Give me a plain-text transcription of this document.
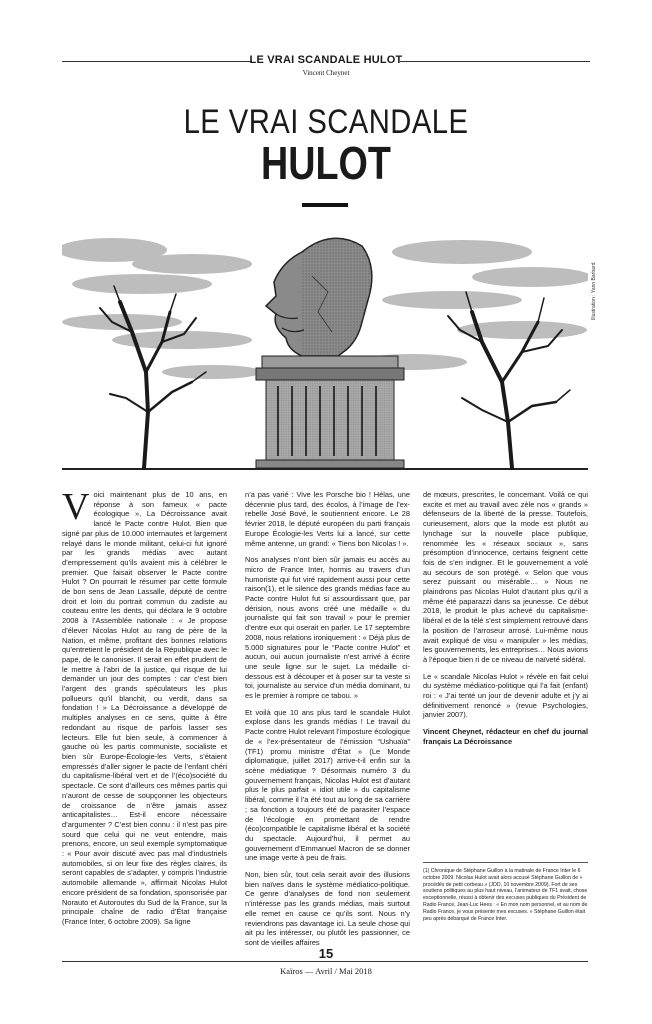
LE VRAI SCANDALE HULOT
Vincent Cheynet
LE VRAI SCANDALE
HULOT
Illustration : Yann Barbard

Voici maintenant plus de 10 ans, en réponse à son fameux « pacte écologique », La Décroissance avait lancé le Pacte contre Hulot. Bien que signé par plus de 10.000 internautes et largement relayé dans le monde militant, celui-ci fut ignoré par les grands médias avec autant d’empressement qu’ils avaient mis à célébrer le premier. Que faisait observer le Pacte contre Hulot ? On pourrait le résumer par cette formule de bon sens de Jean Lassalle, député de centre droit et loin du portrait commun du zadiste au couteau entre les dents, qui déclara le 9 octobre 2008 à l’Assemblée nationale : « Je propose d’élever Nicolas Hulot au rang de père de la Nation, et même, profitant des bonnes relations qu’entretient le président de la République avec le pape, de le canoniser. Il serait en effet prudent de le mettre à l’abri de la justice, qui risque de lui demander un jour des comptes : car c’est bien l’argent des grands spéculateurs les plus pollueurs qu’il blanchit, ou verdit, dans sa fondation ! » La Décroissance a développé de multiples analyses en ce sens, quitte à être redondant au risque de parfois lasser ses lecteurs. Elle fut bien seule, à commencer à gauche où les partis communiste, socialiste et bien sûr Europe-Écologie-les Verts, s’étaient empressés d’aller signer le pacte de l’enfant chéri du capitalisme-libéral vert et de l’(éco)société du spectacle. Ce sont d’ailleurs ces mêmes partis qui n’auront de cesse de soupçonner les objecteurs de croissance de n’être jamais assez anticapitalistes… Est-il encore nécessaire d’argumenter ? C’est bien connu : il n’est pas pire sourd que celui qui ne veut entendre, mais prenons, encore, un seul exemple symptomatique : « Pour avoir discuté avec pas mal d’industriels automobiles, si on leur fixe des règles claires, ils seront capables de s’adapter, y compris l’industrie automobile allemande », affirmait Nicolas Hulot encore président de sa fondation, sponsorisée par Norauto et Autoroutes du Sud de la France, sur la principale chaîne de radio d’État française (France Inter, 6 octobre 2009). Sa ligne

n’a pas varié : Vive les Porsche bio ! Hélas, une décennie plus tard, des écolos, à l’image de l’ex-rebelle José Bové, le soutiennent encore. Le 28 février 2018, le député européen du parti français Europe Écologie-les Verts lui a lancé, sur cette même antenne, un grand: « Tiens bon Nicolas ! ».

Nos analyses n’ont bien sûr jamais eu accès au micro de France Inter, hormis au travers d’un humoriste qui fut viré rapidement aussi pour cette raison(1), et le silence des grands médias face au Pacte contre Hulot fut si assourdissant que, par dérision, nous avons créé une médaille « du journaliste qui fait son travail » pour le premier d’entre eux qui oserait en parler. Le 17 septembre 2008, nous relations ironiquement : « Déjà plus de 5.000 signatures pour le “Pacte contre Hulot” et aucun, oui aucun journaliste n’est arrivé à écrire une seule ligne sur le sujet. La médaille ci-dessous est à découper et à poser sur ta veste si toi, journaliste au service d’un média dominant, tu es le premier à rompre ce tabou. »

Et voilà que 10 ans plus tard le scandale Hulot explose dans les grands médias ! Le travail du Pacte contre Hulot relevant l’imposture écologique de « l’ex-présentateur de l’émission “Ushuaïa” (TF1) promu ministre d’État » (Le Monde diplomatique, juillet 2017) arrive-t-il enfin sur la scène médiatique ? Désormais numéro 3 du gouvernement français, Nicolas Hulot est d’autant plus le plus parfait « idiot utile » du capitalisme libéral, comme il l’a été tout au long de sa carrière ; sa fonction a toujours été de parasiter l’espace de l’écologie en promettant de rendre (éco)compatible le capitalisme libéral et la société du spectacle. Aujourd’hui, il permet au gouvernement d’Emmanuel Macron de se donner une image verte à peu de frais.

Non, bien sûr, tout cela serait avoir des illusions bien naïves dans le système médiatico-politique. Ce genre d’analyses de fond non seulement n’intéresse pas les grands médias, mais surtout elle remet en cause ce qu’ils sont. Nous n’y reviendrons pas davantage ici. La seule chose qui ait pu les intéresser, ou plutôt les passionner, ce sont de vieilles affaires

de mœurs, prescrites, le concernant. Voilà ce qui excite et met au travail avec zèle nos « grands » défenseurs de la liberté de la presse. Toutefois, curieusement, alors que la mode est plutôt au lynchage sur la nouvelle place publique, renommée les « réseaux sociaux », sans présomption d’innocence, certains feignent cette fois de s’en indigner. Et le gouvernement a volé au secours de son protégé. « Selon que vous serez puissant ou misérable… » Nous ne plaindrons pas Nicolas Hulot d’autant plus qu’il a même été paparazzi dans sa jeunesse. Ce début 2018, le produit le plus achevé du capitalisme-libéral et de la télé s’est simplement retrouvé dans la position de l’arroseur arrosé. Lui-même nous avait expliqué de visu « manipuler » les médias, les gouvernements, les entreprises… Nous avions à l’époque bien ri de ce niveau de naïveté sidéral.

Le « scandale Nicolas Hulot » révèle en fait celui du système médiatico-politique qui l’a fait (enfant) roi : « J’ai tenté un jour de devenir adulte et j’y ai définitivement renoncé » (revue Psychologies, janvier 2007).

Vincent Cheynet, rédacteur en chef du journal français La Décroissance

(1) Chronique de Stéphane Guillon à la matinale de France Inter le 6 octobre 2009. Nicolas Hulot avait alors accusé Stéphane Guillon de « procédés de petit corbeau » (JDD, 10 novembre 2009). Fort de ses soutiens politiques au plus haut niveau, l’animateur de TF1 avait, chose exceptionnelle, réussi à obtenir des excuses publiques du Président de Radio France, Jean-Luc Hees : « En mon nom personnel, et au nom de Radio France, je vous présente mes excuses. » Stéphane Guillon était peu après débarqué de France Inter.
15
Kaïros — Avril / Mai 2018
